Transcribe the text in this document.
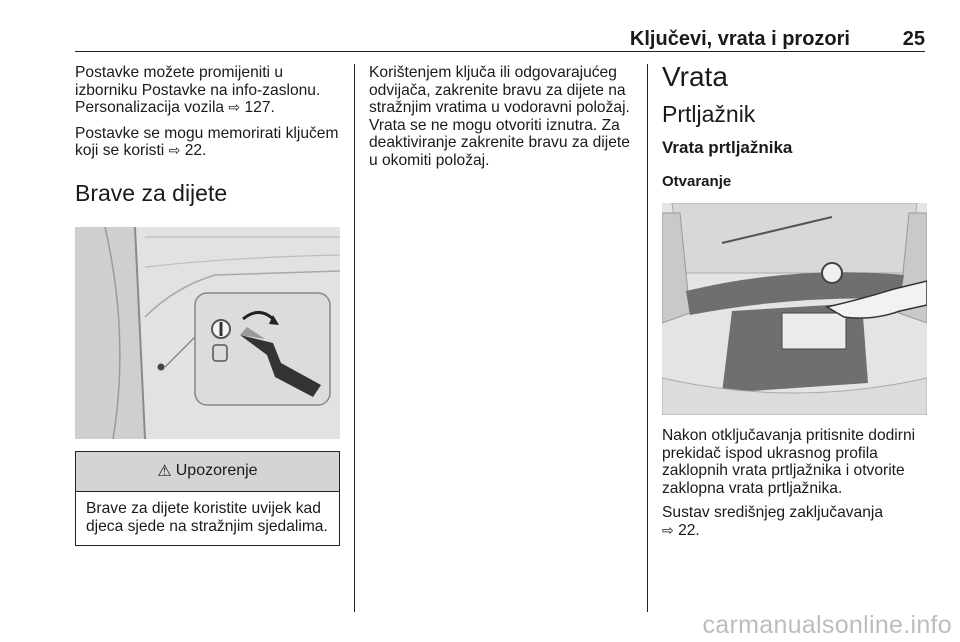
Ključevi, vrata i prozori	25

Postavke možete promijeniti u izborniku Postavke na info-zaslonu. Personalizacija vozila ⇨ 127.

Postavke se mogu memorirati ključem koji se koristi ⇨ 22.

Brave za dijete
⚠ Upozorenje
Brave za dijete koristite uvijek kad djeca sjede na stražnjim sjedalima.

Korištenjem ključa ili odgovarajućeg odvijača, zakrenite bravu za dijete na stražnjim vratima u vodoravni položaj. Vrata se ne mogu otvoriti iznutra. Za deaktiviranje zakrenite bravu za dijete u okomiti položaj.

Vrata
Prtljažnik
Vrata prtljažnika
Otvaranje

Nakon otključavanja pritisnite dodirni prekidač ispod ukrasnog profila zaklopnih vrata prtljažnika i otvorite zaklopna vrata prtljažnika.

Sustav središnjeg zaključavanja
⇨ 22.

carmanualsonline.info
